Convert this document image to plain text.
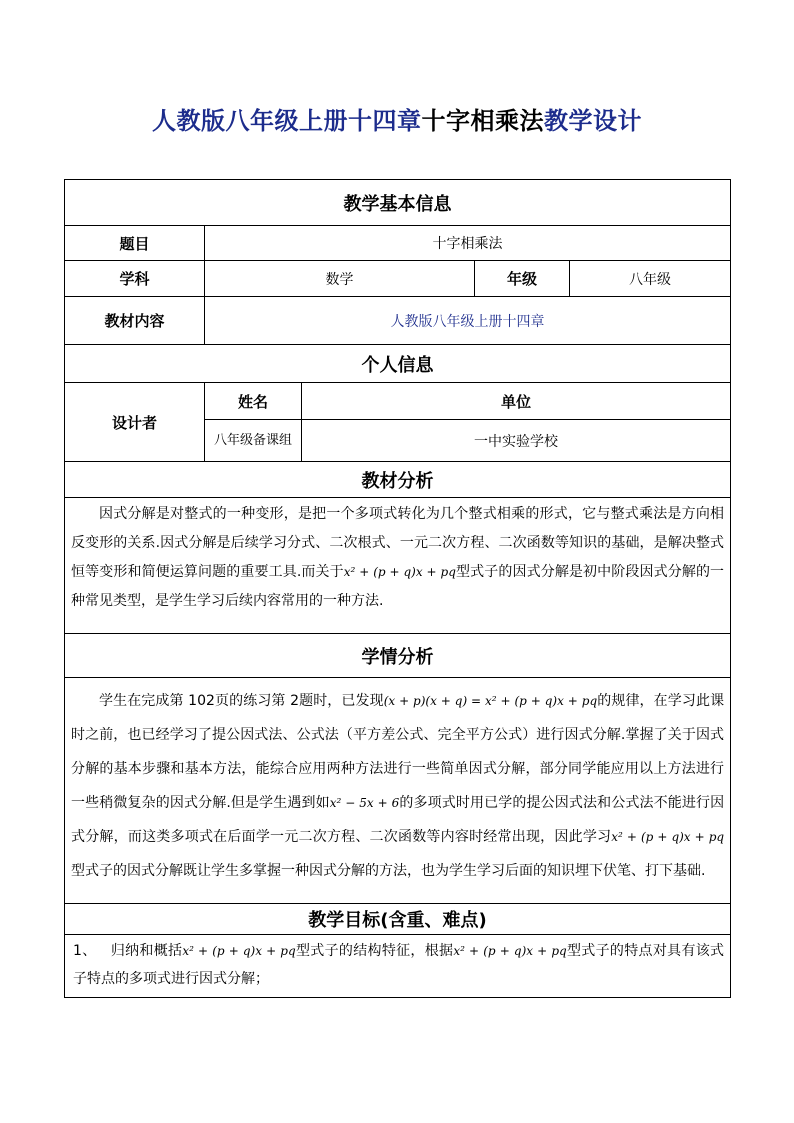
人教版八年级上册十四章十字相乘法教学设计
教学基本信息				
题目	十字相乘法			
学科	数学		年级	八年级
教材内容	人教版八年级上册十四章			
个人信息				
设计者	姓名	单位		
	八年级备课组	一中实验学校		
教材分析				
因式分解是对整式的一种变形，是把一个多项式转化为几个整式相乘的形式，它与整式乘法是方向相反变形的关系.因式分解是后续学习分式、二次根式、一元二次方程、二次函数等知识的基础，是解决整式恒等变形和简便运算问题的重要工具.而关于x² + (p + q)x + pq型式子的因式分解是初中阶段因式分解的一种常见类型，是学生学习后续内容常用的一种方法.				
学情分析				
学生在完成第 102页的练习第 2题时，已发现(x + p)(x + q) = x² + (p + q)x + pq的规律，在学习此课时之前，也已经学习了提公因式法、公式法（平方差公式、完全平方公式）进行因式分解.掌握了关于因式分解的基本步骤和基本方法，能综合应用两种方法进行一些简单因式分解，部分同学能应用以上方法进行一些稍微复杂的因式分解.但是学生遇到如x² − 5x + 6的多项式时用已学的提公因式法和公式法不能进行因式分解，而这类多项式在后面学一元二次方程、二次函数等内容时经常出现，因此学习x² + (p + q)x + pq型式子的因式分解既让学生多掌握一种因式分解的方法，也为学生学习后面的知识埋下伏笔、打下基础.				
教学目标(含重、难点)				
1、 归纳和概括x² + (p + q)x + pq型式子的结构特征，根据x² + (p + q)x + pq型式子的特点对具有该式子特点的多项式进行因式分解；				
